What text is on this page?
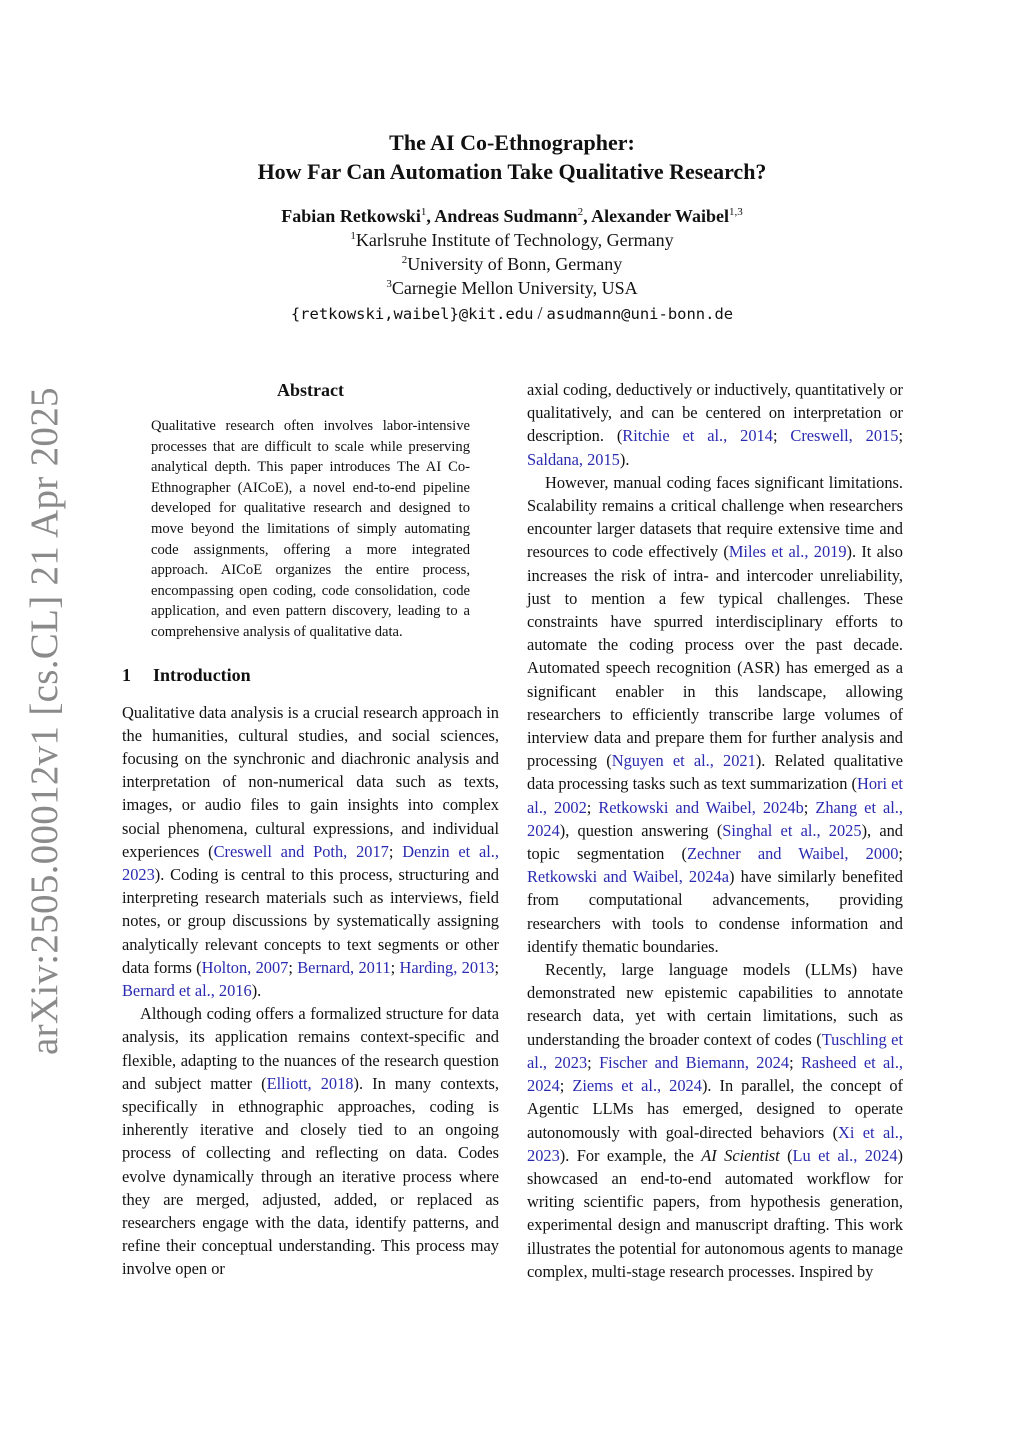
arXiv:2505.00012v1 [cs.CL] 21 Apr 2025
The AI Co-Ethnographer:
How Far Can Automation Take Qualitative Research?
Fabian Retkowski$^1$, Andreas Sudmann$^2$, Alexander Waibel$^{1,3}$
$^1$Karlsruhe Institute of Technology, Germany
$^2$University of Bonn, Germany
$^3$Carnegie Mellon University, USA
{retkowski,waibel}@kit.edu / asudmann@uni-bonn.de
Abstract

Qualitative research often involves labor-intensive processes that are difficult to scale while preserving analytical depth. This paper introduces The AI Co-Ethnographer (AICoE), a novel end-to-end pipeline developed for qualitative research and designed to move beyond the limitations of simply automating code assignments, offering a more integrated approach. AICoE organizes the entire process, encompassing open coding, code consolidation, code application, and even pattern discovery, leading to a comprehensive analysis of qualitative data.

1 Introduction

Qualitative data analysis is a crucial research approach in the humanities, cultural studies, and social sciences, focusing on the synchronic and diachronic analysis and interpretation of non-numerical data such as texts, images, or audio files to gain insights into complex social phenomena, cultural expressions, and individual experiences (Creswell and Poth, 2017; Denzin et al., 2023). Coding is central to this process, structuring and interpreting research materials such as interviews, field notes, or group discussions by systematically assigning analytically relevant concepts to text segments or other data forms (Holton, 2007; Bernard, 2011; Harding, 2013; Bernard et al., 2016).

Although coding offers a formalized structure for data analysis, its application remains context-specific and flexible, adapting to the nuances of the research question and subject matter (Elliott, 2018). In many contexts, specifically in ethnographic approaches, coding is inherently iterative and closely tied to an ongoing process of collecting and reflecting on data. Codes evolve dynamically through an iterative process where they are merged, adjusted, added, or replaced as researchers engage with the data, identify patterns, and refine their conceptual understanding. This process may involve open or

axial coding, deductively or inductively, quantitatively or qualitatively, and can be centered on interpretation or description. (Ritchie et al., 2014; Creswell, 2015; Saldana, 2015).

However, manual coding faces significant limitations. Scalability remains a critical challenge when researchers encounter larger datasets that require extensive time and resources to code effectively (Miles et al., 2019). It also increases the risk of intra- and intercoder unreliability, just to mention a few typical challenges. These constraints have spurred interdisciplinary efforts to automate the coding process over the past decade. Automated speech recognition (ASR) has emerged as a significant enabler in this landscape, allowing researchers to efficiently transcribe large volumes of interview data and prepare them for further analysis and processing (Nguyen et al., 2021). Related qualitative data processing tasks such as text summarization (Hori et al., 2002; Retkowski and Waibel, 2024b; Zhang et al., 2024), question answering (Singhal et al., 2025), and topic segmentation (Zechner and Waibel, 2000; Retkowski and Waibel, 2024a) have similarly benefited from computational advancements, providing researchers with tools to condense information and identify thematic boundaries.

Recently, large language models (LLMs) have demonstrated new epistemic capabilities to annotate research data, yet with certain limitations, such as understanding the broader context of codes (Tuschling et al., 2023; Fischer and Biemann, 2024; Rasheed et al., 2024; Ziems et al., 2024). In parallel, the concept of Agentic LLMs has emerged, designed to operate autonomously with goal-directed behaviors (Xi et al., 2023). For example, the AI Scientist (Lu et al., 2024) showcased an end-to-end automated workflow for writing scientific papers, from hypothesis generation, experimental design and manuscript drafting. This work illustrates the potential for autonomous agents to manage complex, multi-stage research processes. Inspired by
